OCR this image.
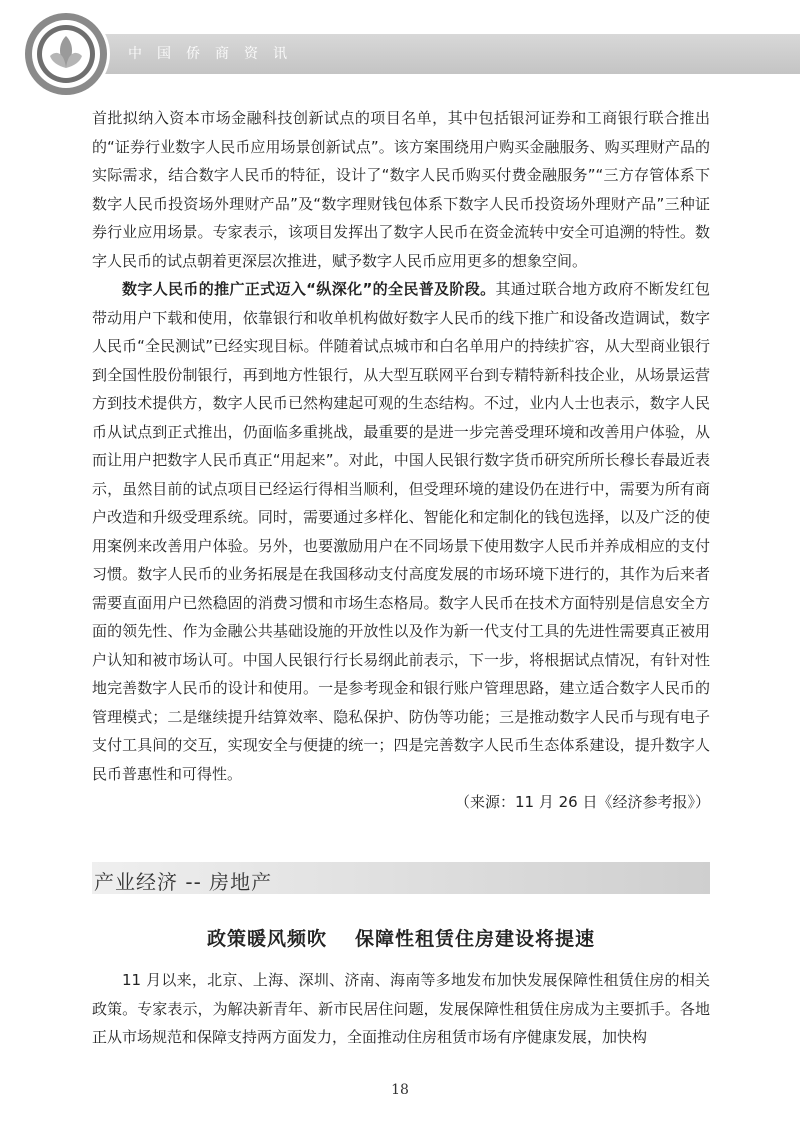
中国侨商资讯

首批拟纳入资本市场金融科技创新试点的项目名单，其中包括银河证券和工商银行联合推出的“证券行业数字人民币应用场景创新试点”。该方案围绕用户购买金融服务、购买理财产品的实际需求，结合数字人民币的特征，设计了“数字人民币购买付费金融服务”“三方存管体系下数字人民币投资场外理财产品”及“数字理财钱包体系下数字人民币投资场外理财产品”三种证券行业应用场景。专家表示，该项目发挥出了数字人民币在资金流转中安全可追溯的特性。数字人民币的试点朝着更深层次推进，赋予数字人民币应用更多的想象空间。

数字人民币的推广正式迈入“纵深化”的全民普及阶段。其通过联合地方政府不断发红包带动用户下载和使用，依靠银行和收单机构做好数字人民币的线下推广和设备改造调试，数字人民币“全民测试”已经实现目标。伴随着试点城市和白名单用户的持续扩容，从大型商业银行到全国性股份制银行，再到地方性银行，从大型互联网平台到专精特新科技企业，从场景运营方到技术提供方，数字人民币已然构建起可观的生态结构。不过，业内人士也表示，数字人民币从试点到正式推出，仍面临多重挑战，最重要的是进一步完善受理环境和改善用户体验，从而让用户把数字人民币真正“用起来”。对此，中国人民银行数字货币研究所所长穆长春最近表示，虽然目前的试点项目已经运行得相当顺利，但受理环境的建设仍在进行中，需要为所有商户改造和升级受理系统。同时，需要通过多样化、智能化和定制化的钱包选择，以及广泛的使用案例来改善用户体验。另外，也要激励用户在不同场景下使用数字人民币并养成相应的支付习惯。数字人民币的业务拓展是在我国移动支付高度发展的市场环境下进行的，其作为后来者需要直面用户已然稳固的消费习惯和市场生态格局。数字人民币在技术方面特别是信息安全方面的领先性、作为金融公共基础设施的开放性以及作为新一代支付工具的先进性需要真正被用户认知和被市场认可。中国人民银行行长易纲此前表示，下一步，将根据试点情况，有针对性地完善数字人民币的设计和使用。一是参考现金和银行账户管理思路，建立适合数字人民币的管理模式；二是继续提升结算效率、隐私保护、防伪等功能；三是推动数字人民币与现有电子支付工具间的交互，实现安全与便捷的统一；四是完善数字人民币生态体系建设，提升数字人民币普惠性和可得性。

（来源：11 月 26 日《经济参考报》）

产业经济 -- 房地产
政策暖风频吹 保障性租赁住房建设将提速

11 月以来，北京、上海、深圳、济南、海南等多地发布加快发展保障性租赁住房的相关政策。专家表示，为解决新青年、新市民居住问题，发展保障性租赁住房成为主要抓手。各地正从市场规范和保障支持两方面发力，全面推动住房租赁市场有序健康发展，加快构

18
